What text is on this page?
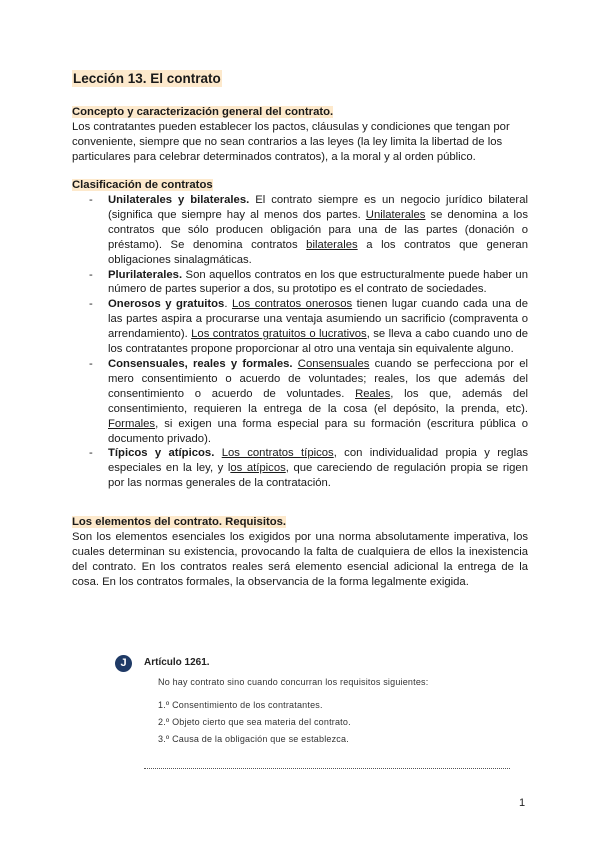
Lección 13. El contrato
Concepto y caracterización general del contrato.
Los contratantes pueden establecer los pactos, cláusulas y condiciones que tengan por conveniente, siempre que no sean contrarios a las leyes (la ley limita la libertad de los particulares para celebrar determinados contratos), a la moral y al orden público.
Clasificación de contratos
- Unilaterales y bilaterales. El contrato siempre es un negocio jurídico bilateral (significa que siempre hay al menos dos partes. Unilaterales se denomina a los contratos que sólo producen obligación para una de las partes (donación o préstamo). Se denomina contratos bilaterales a los contratos que generan obligaciones sinalagmáticas.
- Plurilaterales. Son aquellos contratos en los que estructuralmente puede haber un número de partes superior a dos, su prototipo es el contrato de sociedades.
- Onerosos y gratuitos. Los contratos onerosos tienen lugar cuando cada una de las partes aspira a procurarse una ventaja asumiendo un sacrificio (compraventa o arrendamiento). Los contratos gratuitos o lucrativos, se lleva a cabo cuando uno de los contratantes propone proporcionar al otro una ventaja sin equivalente alguno.
- Consensuales, reales y formales. Consensuales cuando se perfecciona por el mero consentimiento o acuerdo de voluntades; reales, los que además del consentimiento o acuerdo de voluntades. Reales, los que, además del consentimiento, requieren la entrega de la cosa (el depósito, la prenda, etc). Formales, si exigen una forma especial para su formación (escritura pública o documento privado).
- Típicos y atípicos. Los contratos típicos, con individualidad propia y reglas especiales en la ley, y los atípicos, que careciendo de regulación propia se rigen por las normas generales de la contratación.
Los elementos del contrato. Requisitos.
Son los elementos esenciales los exigidos por una norma absolutamente imperativa, los cuales determinan su existencia, provocando la falta de cualquiera de ellos la inexistencia del contrato. En los contratos reales será elemento esencial adicional la entrega de la cosa. En los contratos formales, la observancia de la forma legalmente exigida.
J	Artículo 1261.
No hay contrato sino cuando concurran los requisitos siguientes:
1.º Consentimiento de los contratantes.
2.º Objeto cierto que sea materia del contrato.
3.º Causa de la obligación que se establezca.
1
